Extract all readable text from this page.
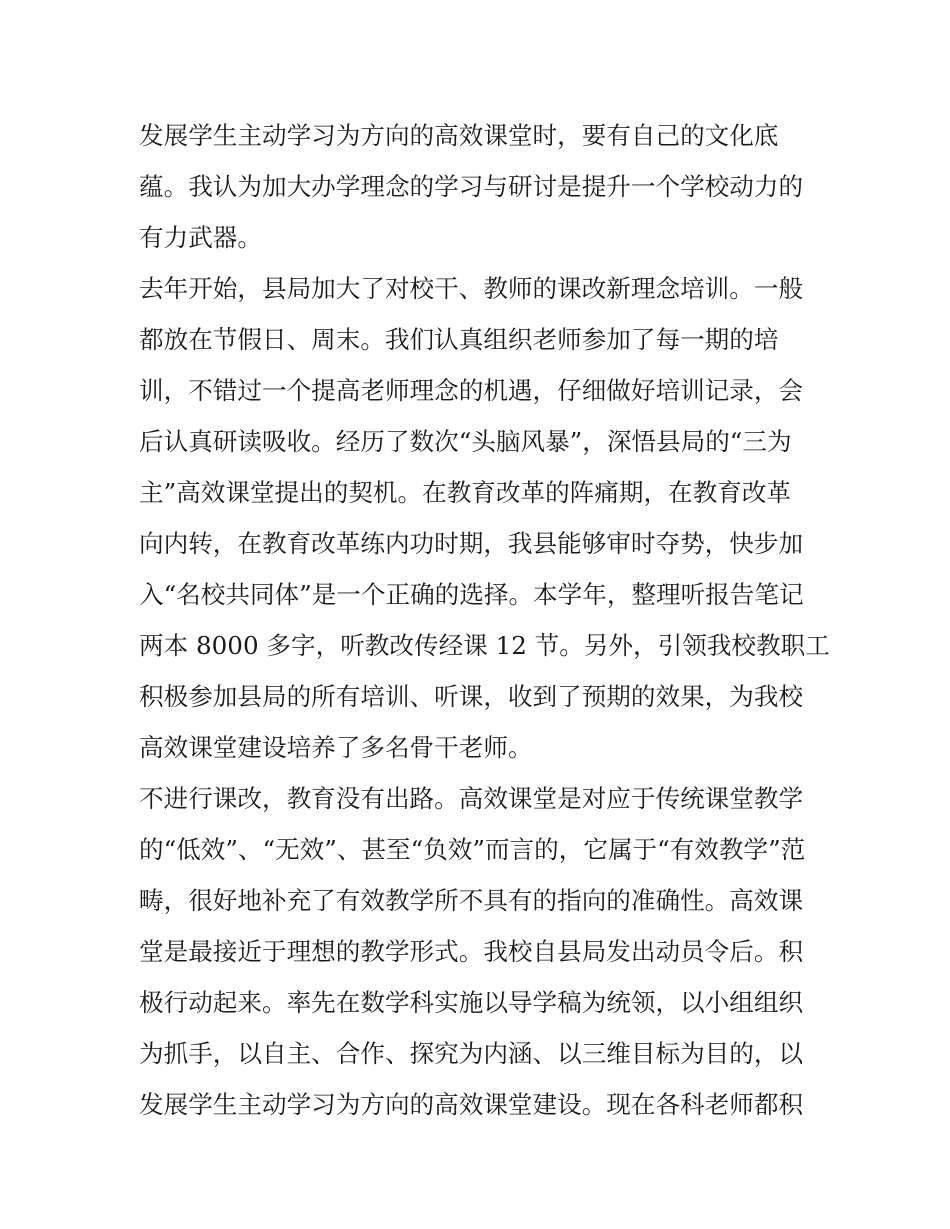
发展学生主动学习为方向的高效课堂时，要有自己的文化底
蕴。我认为加大办学理念的学习与研讨是提升一个学校动力的
有力武器。
去年开始，县局加大了对校干、教师的课改新理念培训。一般
都放在节假日、周末。我们认真组织老师参加了每一期的培
训，不错过一个提高老师理念的机遇，仔细做好培训记录，会
后认真研读吸收。经历了数次“头脑风暴”，深悟县局的“三为
主”高效课堂提出的契机。在教育改革的阵痛期，在教育改革
向内转，在教育改革练内功时期，我县能够审时夺势，快步加
入“名校共同体”是一个正确的选择。本学年，整理听报告笔记
两本 8000 多字，听教改传经课 12 节。另外，引领我校教职工
积极参加县局的所有培训、听课，收到了预期的效果，为我校
高效课堂建设培养了多名骨干老师。
不进行课改，教育没有出路。高效课堂是对应于传统课堂教学
的“低效”、“无效”、甚至“负效”而言的，它属于“有效教学”范
畴，很好地补充了有效教学所不具有的指向的准确性。高效课
堂是最接近于理想的教学形式。我校自县局发出动员令后。积
极行动起来。率先在数学科实施以导学稿为统领，以小组组织
为抓手，以自主、合作、探究为内涵、以三维目标为目的，以
发展学生主动学习为方向的高效课堂建设。现在各科老师都积
